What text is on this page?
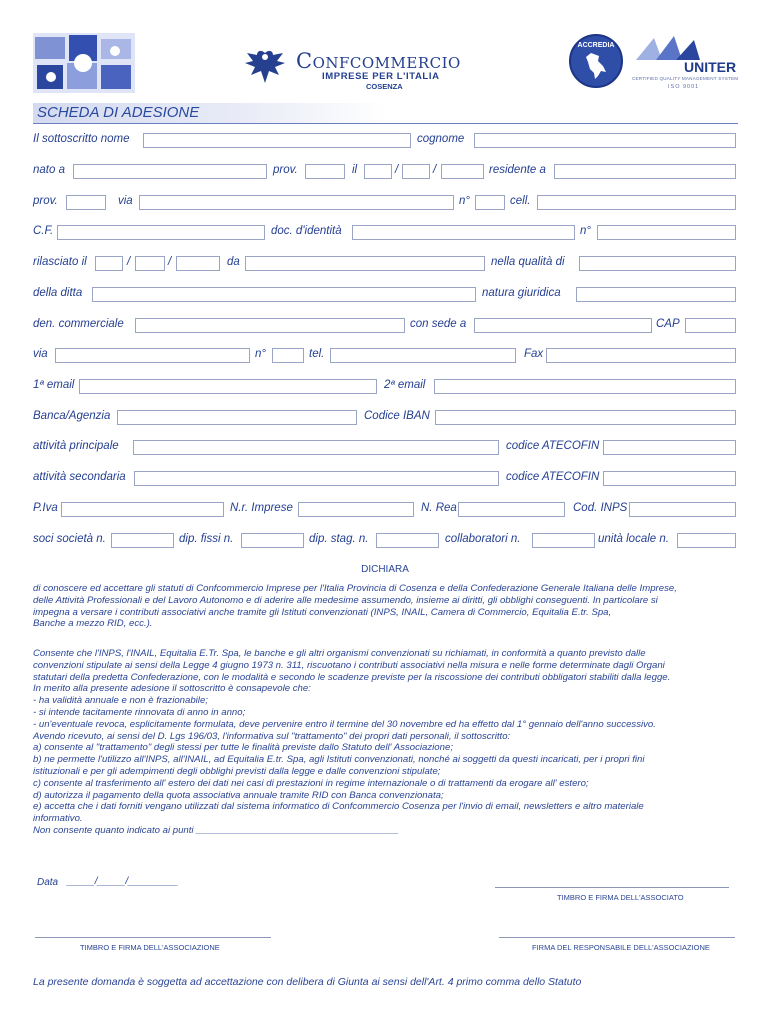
Confcommercio
IMPRESE PER L'ITALIA
COSENZA
ACCREDIA
UNITER
CERTIFIED QUALITY MANAGEMENT SYSTEM
ISO 9001
SCHEDA DI ADESIONE
Il sottoscritto nome	cognome
nato a	prov.	il	/	/	residente a
prov.	via	n°	cell.
C.F.	doc. d'identità	n°
rilasciato il	/	/	da	nella qualità di
della ditta	natura giuridica
den. commerciale	con sede a	CAP
via	n°	tel.	Fax
1ª email	2ª email
Banca/Agenzia	Codice IBAN
attività principale	codice ATECOFIN
attività secondaria	codice ATECOFIN
P.Iva	N.r. Imprese	N. Rea	Cod. INPS
soci società n.	dip. fissi n.	dip. stag. n.	collaboratori n.	unità locale n.
DICHIARA
di conoscere ed accettare gli statuti di Confcommercio Imprese per l'Italia Provincia di Cosenza e della Confederazione Generale Italiana delle Imprese,
delle Attività Professionali e del Lavoro Autonomo e di aderire alle medesime assumendo, insieme ai diritti, gli obblighi conseguenti. In particolare si
impegna a versare i contributi associativi anche tramite gli Istituti convenzionati (INPS, INAIL, Camera di Commercio, Equitalia E.tr. Spa,
Banche a mezzo RID, ecc.).
Consente che l'INPS, l'INAIL, Equitalia E.Tr. Spa, le banche e gli altri organismi convenzionati su richiamati, in conformità a quanto previsto dalle
convenzioni stipulate ai sensi della Legge 4 giugno 1973 n. 311, riscuotano i contributi associativi nella misura e nelle forme determinate dagli Organi
statutari della predetta Confederazione, con le modalità e secondo le scadenze previste per la riscossione dei contributi obbligatori stabiliti dalla legge.
In merito alla presente adesione il sottoscritto è consapevole che:
- ha validità annuale e non è frazionabile;
- si intende tacitamente rinnovata di anno in anno;
- un'eventuale revoca, esplicitamente formulata, deve pervenire entro il termine del 30 novembre ed ha effetto dal 1° gennaio dell'anno successivo.
Avendo ricevuto, ai sensi del D. Lgs 196/03, l'informativa sul "trattamento" dei propri dati personali, il sottoscritto:
a) consente al "trattamento" degli stessi per tutte le finalità previste dallo Statuto dell' Associazione;
b) ne permette l'utilizzo all'INPS, all'INAIL, ad Equitalia E.tr. Spa, agli Istituti convenzionati, nonché ai soggetti da questi incaricati, per i propri fini
istituzionali e per gli adempimenti degli obblighi previsti dalla legge e dalle convenzioni stipulate;
c) consente al trasferimento all' estero dei dati nei casi di prestazioni in regime internazionale o di trattamenti da erogare all' estero;
d) autorizza il pagamento della quota associativa annuale tramite RID con Banca convenzionata;
e) accetta che i dati forniti vengano utilizzati dal sistema informatico di Confcommercio Cosenza per l'invio di email, newsletters e altro materiale
informativo.
Non consente quanto indicato ai punti ______________________________________
Data _____/_____/_________
TIMBRO E FIRMA DELL'ASSOCIATO
TIMBRO E FIRMA DELL'ASSOCIAZIONE	FIRMA DEL RESPONSABILE DELL'ASSOCIAZIONE
La presente domanda è soggetta ad accettazione con delibera di Giunta ai sensi dell'Art. 4 primo comma dello Statuto
